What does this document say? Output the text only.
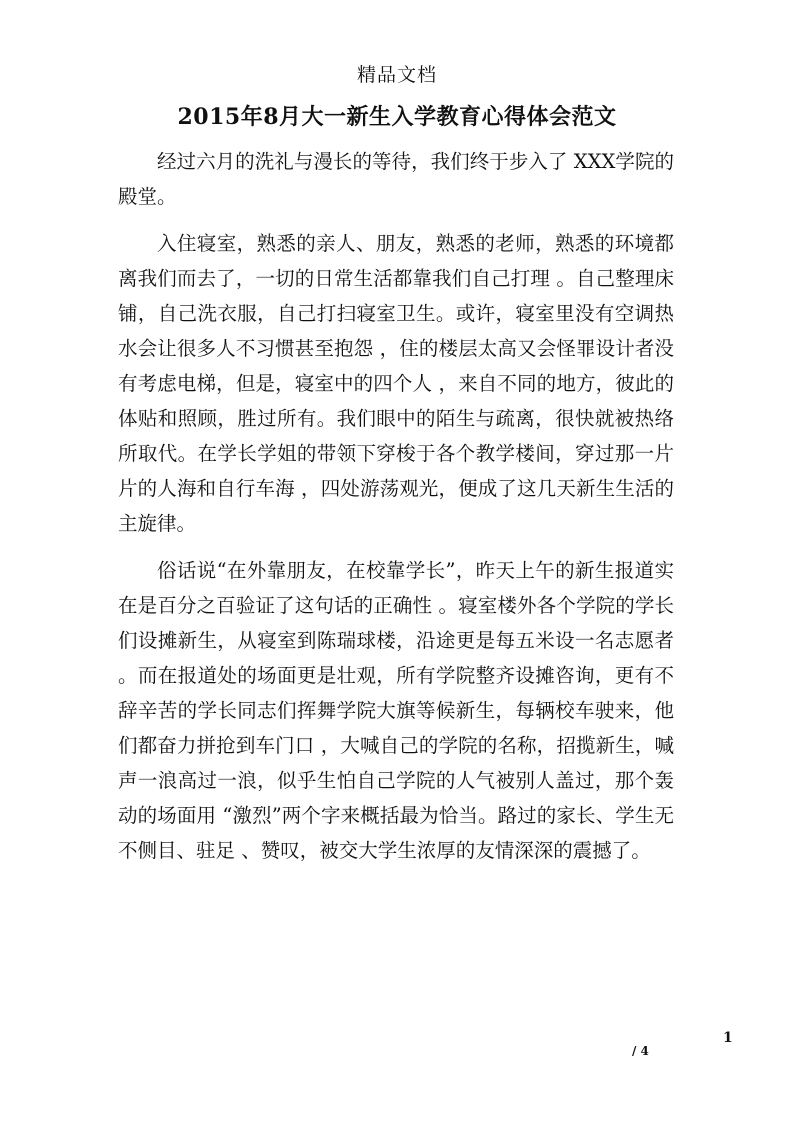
精品文档
2015年8月大一新生入学教育心得体会范文

经过六月的洗礼与漫长的等待，我们终于步入了 XXX学院的殿堂。

入住寝室，熟悉的亲人、朋友，熟悉的老师，熟悉的环境都离我们而去了，一切的日常生活都靠我们自己打理 。自己整理床铺，自己洗衣服，自己打扫寝室卫生。或许，寝室里没有空调热水会让很多人不习惯甚至抱怨 ，住的楼层太高又会怪罪设计者没有考虑电梯，但是，寝室中的四个人 ，来自不同的地方，彼此的体贴和照顾，胜过所有。我们眼中的陌生与疏离，很快就被热络所取代。在学长学姐的带领下穿梭于各个教学楼间，穿过那一片片的人海和自行车海 ，四处游荡观光，便成了这几天新生生活的主旋律。

俗话说“在外靠朋友，在校靠学长”，昨天上午的新生报道实在是百分之百验证了这句话的正确性 。寝室楼外各个学院的学长们设摊新生，从寝室到陈瑞球楼，沿途更是每五米设一名志愿者 。而在报道处的场面更是壮观，所有学院整齐设摊咨询，更有不辞辛苦的学长同志们挥舞学院大旗等候新生，每辆校车驶来，他们都奋力拼抢到车门口 ，大喊自己的学院的名称，招揽新生，喊声一浪高过一浪，似乎生怕自己学院的人气被别人盖过，那个轰动的场面用 “激烈”两个字来概括最为恰当。路过的家长、学生无不侧目、驻足 、赞叹，被交大学生浓厚的友情深深的震撼了。

1
/ 4
